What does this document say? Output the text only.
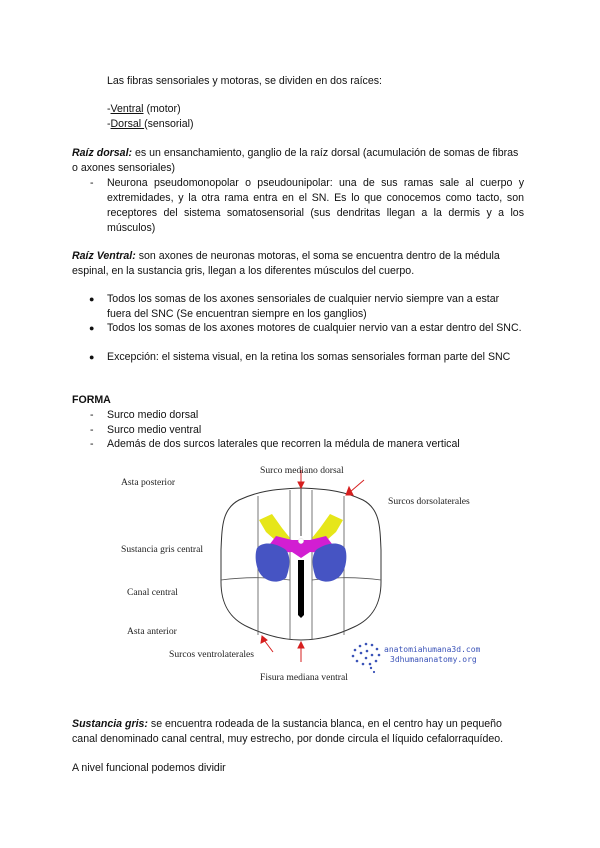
Las fibras sensoriales y motoras, se dividen en dos raíces:
-Ventral (motor)
-Dorsal (sensorial)
Raíz dorsal: es un ensanchamiento, ganglio de la raíz dorsal (acumulación de somas de fibras o axones sensoriales)
- Neurona pseudomonopolar o pseudounipolar: una de sus ramas sale al cuerpo y extremidades, y la otra rama entra en el SN. Es lo que conocemos como tacto, son receptores del sistema somatosensorial (sus dendritas llegan a la dermis y a los músculos)
Raíz Ventral: son axones de neuronas motoras, el soma se encuentra dentro de la médula espinal, en la sustancia gris, llegan a los diferentes músculos del cuerpo.
● Todos los somas de los axones sensoriales de cualquier nervio siempre van a estar fuera del SNC (Se encuentran siempre en los ganglios)
● Todos los somas de los axones motores de cualquier nervio van a estar dentro del SNC.
● Excepción: el sistema visual, en la retina los somas sensoriales forman parte del SNC
FORMA
- Surco medio dorsal
- Surco medio ventral
- Además de dos surcos laterales que recorren la médula de manera vertical
Asta posterior
Surco mediano dorsal
Surcos dorsolaterales
Sustancia gris central
Canal central
Asta anterior
Surcos ventrolaterales
Fisura mediana ventral
anatomiahumana3d.com
3dhumananatomy.org
Sustancia gris: se encuentra rodeada de la sustancia blanca, en el centro hay un pequeño canal denominado canal central, muy estrecho, por donde circula el líquido cefalorraquídeo.
A nivel funcional podemos dividir
